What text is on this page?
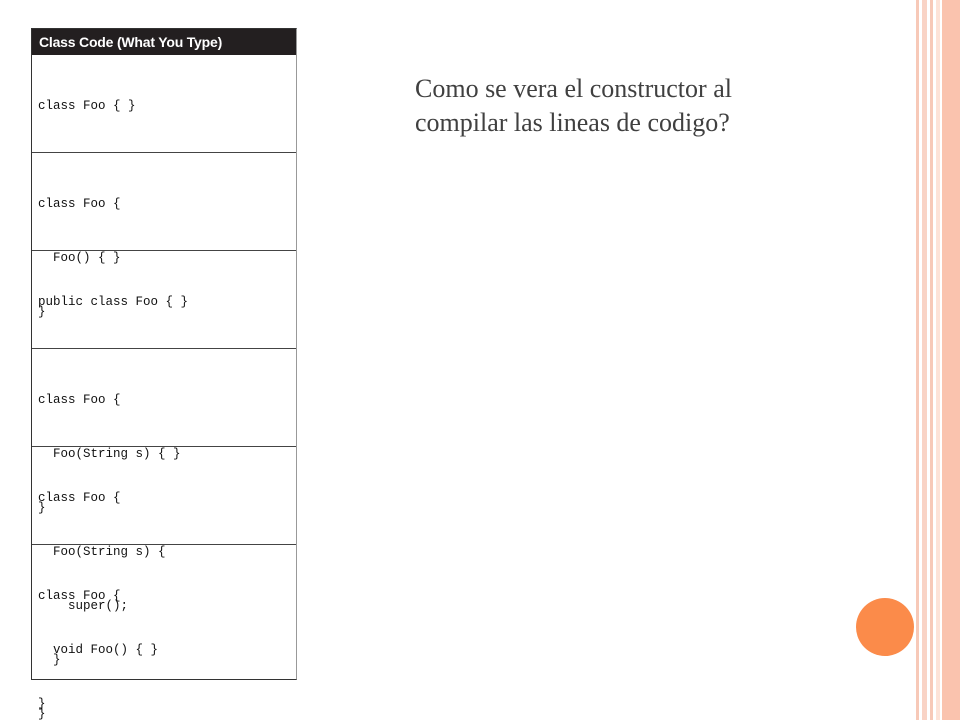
Class Code (What You Type)

class Foo { }

class Foo {

Foo() { }

}

public class Foo { }

class Foo {

Foo(String s) { }

}

class Foo {

Foo(String s) {

super();

}

}

class Foo {

void Foo() { }

}

Como se vera el constructor al
compilar las lineas de codigo?
